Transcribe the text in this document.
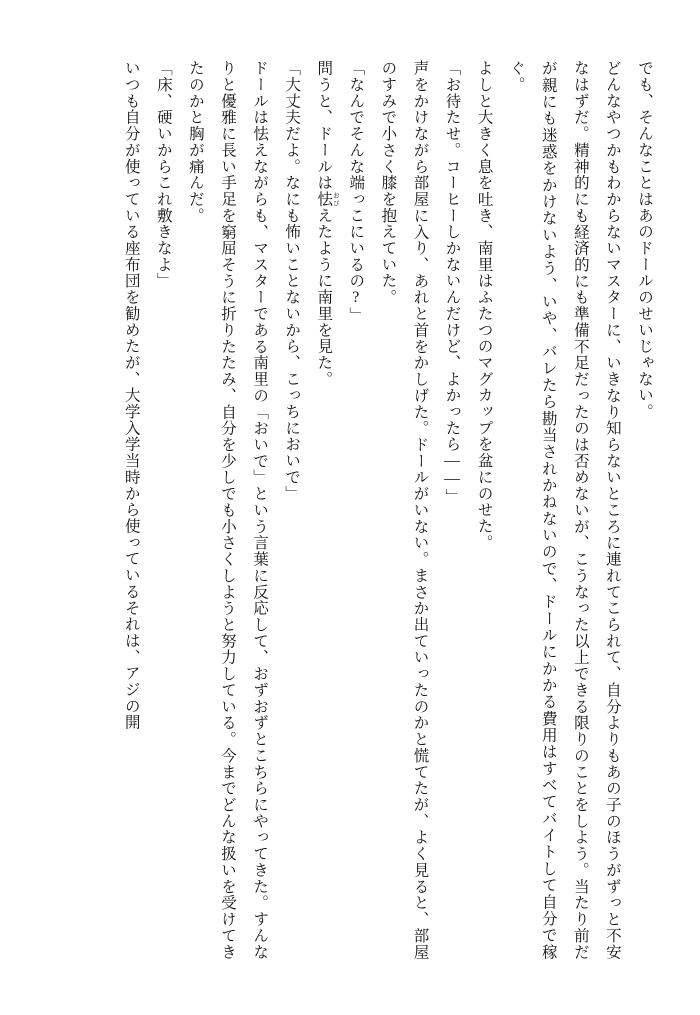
でも、そんなことはあのドールのせいじゃない。

どんなやつかもわからないマスターに、いきなり知らないところに連れてこられて、自分よりもあの子のほうがずっと不安なはずだ。精神的にも経済的にも準備不足だったのは否めないが、こうなった以上できる限りのことをしよう。当たり前だが親にも迷惑をかけないよう、いや、バレたら勘当されかねないので、ドールにかかる費用はすべてバイトして自分で稼ぐ。

よしと大きく息を吐き、南里はふたつのマグカップを盆にのせた。

「お待たせ。コーヒーしかないんだけど、よかったら――」

声をかけながら部屋に入り、あれと首をかしげた。ドールがいない。まさか出ていったのかと慌てたが、よく見ると、部屋のすみで小さく膝を抱えていた。

「なんでそんな端っこにいるの?」

問うと、ドールは怯 おびえたように南里を見た。

「大丈夫だよ。なにも怖いことないから、こっちにおいで」

ドールは怯えながらも、マスターである南里の「おいで」という言葉に反応して、おずおずとこちらにやってきた。すんなりと優雅に長い手足を窮屈そうに折りたたみ、自分を少しでも小さくしようと努力している。今までどんな扱いを受けてきたのかと胸が痛んだ。

「床、硬いからこれ敷きなよ」

いつも自分が使っている座布団を勧めたが、大学入学当時から使っているそれは、アジの開
